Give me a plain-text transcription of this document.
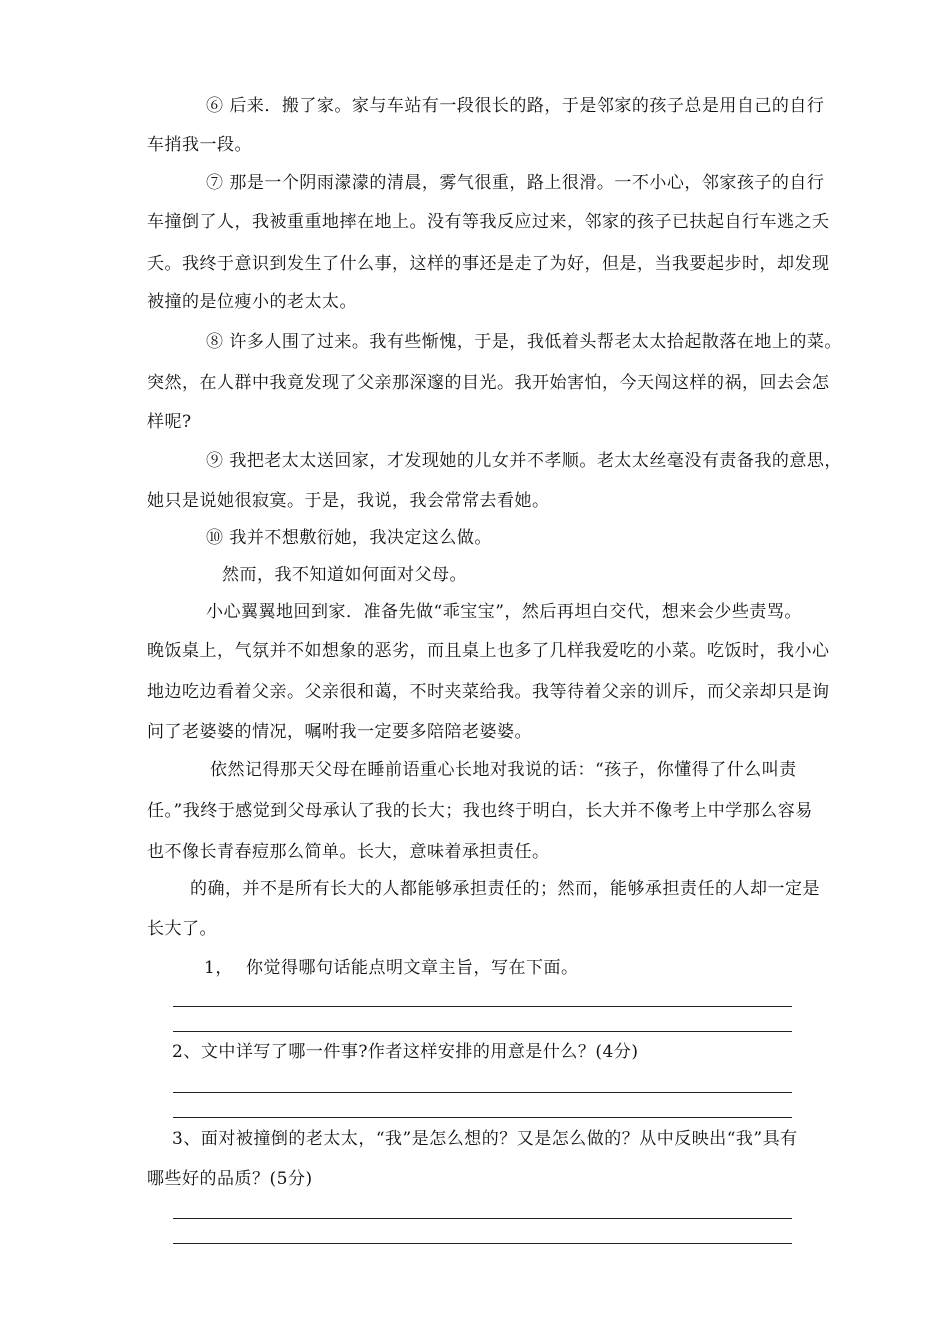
⑥ 后来．搬了家。家与车站有一段很长的路，于是邻家的孩子总是用自己的自行
车捎我一段。
⑦ 那是一个阴雨濛濛的清晨，雾气很重，路上很滑。一不小心，邻家孩子的自行
车撞倒了人，我被重重地摔在地上。没有等我反应过来，邻家的孩子已扶起自行车逃之夭
夭。我终于意识到发生了什么事，这样的事还是走了为好，但是，当我要起步时，却发现
被撞的是位瘦小的老太太。
⑧ 许多人围了过来。我有些惭愧，于是，我低着头帮老太太拾起散落在地上的菜。
突然，在人群中我竟发现了父亲那深邃的目光。我开始害怕，今天闯这样的祸，回去会怎
样呢?
⑨ 我把老太太送回家，才发现她的儿女并不孝顺。老太太丝毫没有责备我的意思，
她只是说她很寂寞。于是，我说，我会常常去看她。
⑩ 我并不想敷衍她，我决定这么做。
然而，我不知道如何面对父母。
小心翼翼地回到家．准备先做“乖宝宝”，然后再坦白交代，想来会少些责骂。
晚饭桌上，气氛并不如想象的恶劣，而且桌上也多了几样我爱吃的小菜。吃饭时，我小心
地边吃边看着父亲。父亲很和蔼，不时夹菜给我。我等待着父亲的训斥，而父亲却只是询
问了老婆婆的情况，嘱咐我一定要多陪陪老婆婆。
依然记得那天父母在睡前语重心长地对我说的话：“孩子，你懂得了什么叫责
任。”我终于感觉到父母承认了我的长大；我也终于明白，长大并不像考上中学那么容易
也不像长青春痘那么简单。长大，意味着承担责任。
的确，并不是所有长大的人都能够承担责任的；然而，能够承担责任的人却一定是
长大了。
1， 你觉得哪句话能点明文章主旨，写在下面。
2、文中详写了哪一件事?作者这样安排的用意是什么？(4分)
3、面对被撞倒的老太太，“我”是怎么想的？又是怎么做的？从中反映出“我”具有
哪些好的品质？(5分)
